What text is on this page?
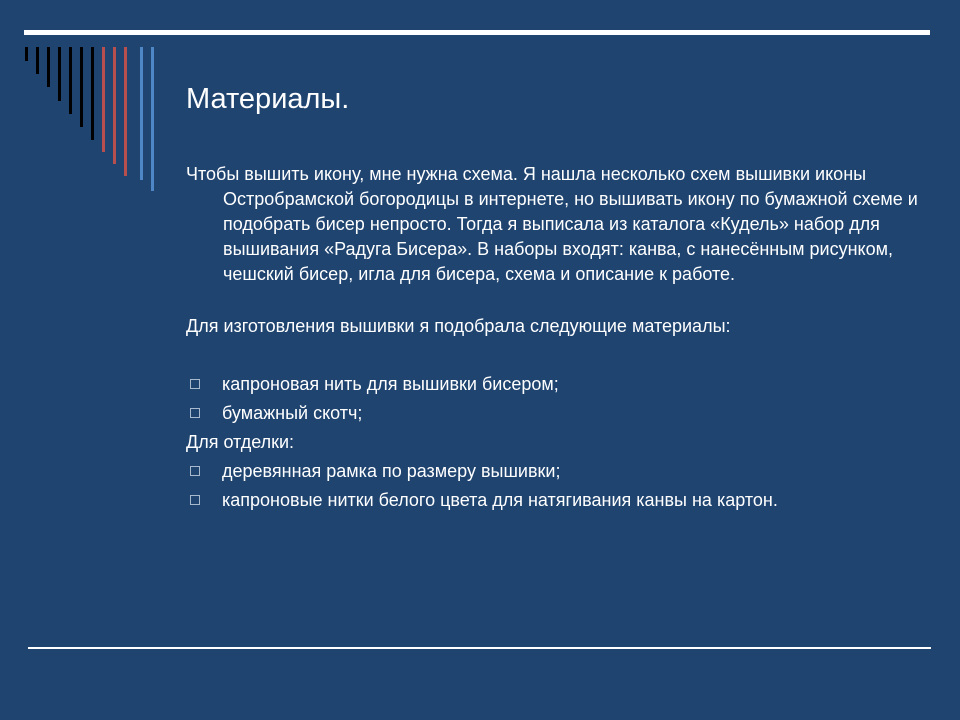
Материалы.

Чтобы вышить икону, мне нужна схема. Я нашла несколько схем вышивки иконы Остробрамской богородицы в интернете, но вышивать икону по бумажной схеме и подобрать бисер непросто. Тогда я выписала из каталога «Кудель» набор для вышивания «Радуга Бисера». В наборы входят: канва, с нанесённым рисунком, чешский бисер, игла для бисера, схема и описание к работе.

Для изготовления вышивки я подобрала следующие материалы:

капроновая нить для вышивки бисером;

бумажный скотч;

Для отделки:

деревянная рамка по размеру вышивки;

капроновые нитки белого цвета для натягивания канвы на картон.
